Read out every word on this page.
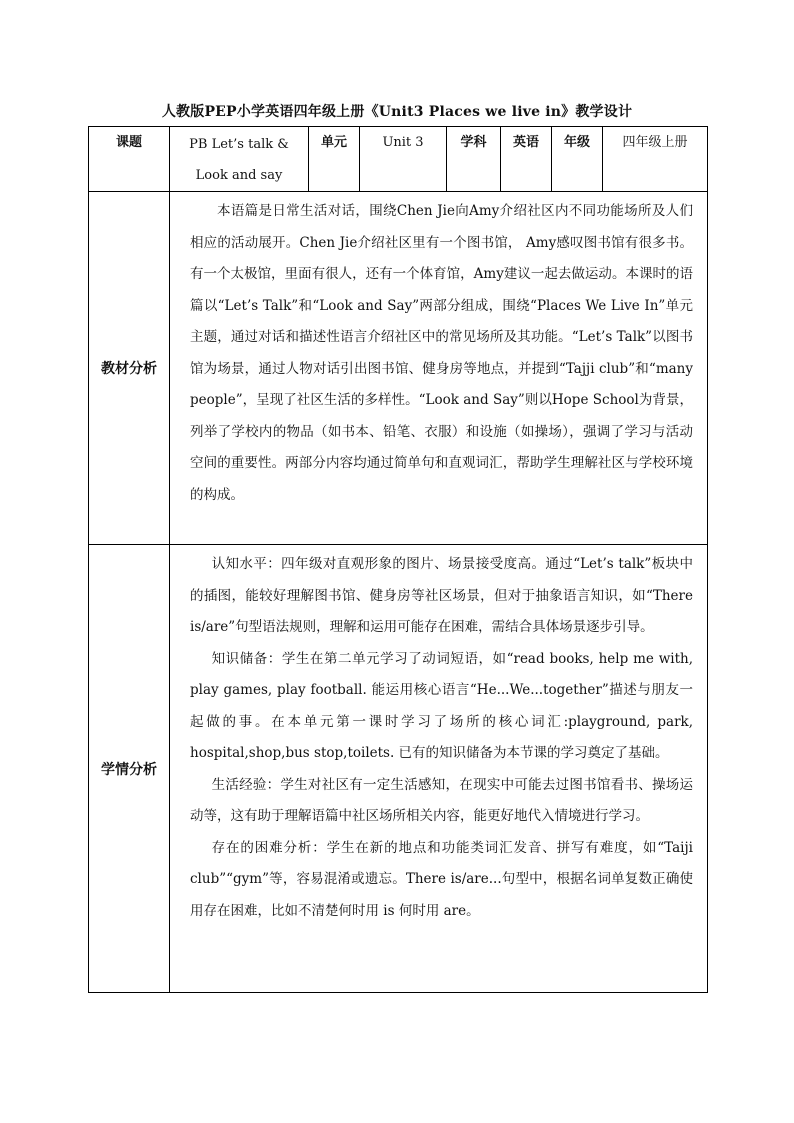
人教版PEP小学英语四年级上册《Unit3 Places we live in》教学设计
课题	PB Let’s talk &
Look and say	单元	Unit 3	学科	英语	年级	四年级上册
教材分析	本语篇是日常生活对话，围绕Chen Jie向Amy介绍社区内不同功能场所及人们相应的活动展开。Chen Jie介绍社区里有一个图书馆， Amy感叹图书馆有很多书。有一个太极馆，里面有很人，还有一个体育馆，Amy建议一起去做运动。本课时的语篇以“Let’s Talk”和“Look and Say”两部分组成，围绕“Places We Live In”单元主题，通过对话和描述性语言介绍社区中的常见场所及其功能。“Let’s Talk”以图书馆为场景，通过人物对话引出图书馆、健身房等地点，并提到“Tajji club”和“many people”，呈现了社区生活的多样性。“Look and Say”则以Hope School为背景，列举了学校内的物品（如书本、铅笔、衣服）和设施（如操场），强调了学习与活动空间的重要性。两部分内容均通过简单句和直观词汇，帮助学生理解社区与学校环境的构成。						

学情分析	认知水平：四年级对直观形象的图片、场景接受度高。通过“Let’s talk”板块中的插图，能较好理解图书馆、健身房等社区场景，但对于抽象语言知识，如“There is/are”句型语法规则，理解和运用可能存在困难，需结合具体场景逐步引导。

知识储备：学生在第二单元学习了动词短语，如“read books, help me with, play games, play football. 能运用核心语言“He...We...together”描述与朋友一起做的事。在本单元第一课时学习了场所的核心词汇:playground, park, hospital,shop,bus stop,toilets. 已有的知识储备为本节课的学习奠定了基础。

生活经验：学生对社区有一定生活感知，在现实中可能去过图书馆看书、操场运动等，这有助于理解语篇中社区场所相关内容，能更好地代入情境进行学习。

存在的困难分析：学生在新的地点和功能类词汇发音、拼写有难度，如“Taiji club”“gym”等，容易混淆或遗忘。There is/are...句型中，根据名词单复数正确使用存在困难，比如不清楚何时用 is 何时用 are。						
